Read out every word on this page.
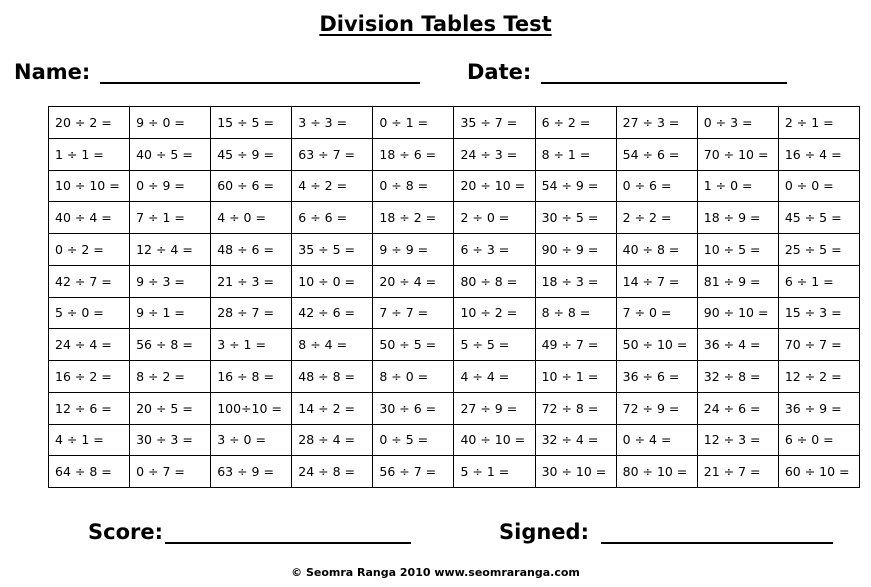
Division Tables Test
Name:	Date:
20 ÷ 2 =	9 ÷ 0 =	15 ÷ 5 =	3 ÷ 3 =	0 ÷ 1 =	35 ÷ 7 =	6 ÷ 2 =	27 ÷ 3 =	0 ÷ 3 =	2 ÷ 1 =
1 ÷ 1 =	40 ÷ 5 =	45 ÷ 9 =	63 ÷ 7 =	18 ÷ 6 =	24 ÷ 3 =	8 ÷ 1 =	54 ÷ 6 =	70 ÷ 10 =	16 ÷ 4 =
10 ÷ 10 =	0 ÷ 9 =	60 ÷ 6 =	4 ÷ 2 =	0 ÷ 8 =	20 ÷ 10 =	54 ÷ 9 =	0 ÷ 6 =	1 ÷ 0 =	0 ÷ 0 =
40 ÷ 4 =	7 ÷ 1 =	4 ÷ 0 =	6 ÷ 6 =	18 ÷ 2 =	2 ÷ 0 =	30 ÷ 5 =	2 ÷ 2 =	18 ÷ 9 =	45 ÷ 5 =
0 ÷ 2 =	12 ÷ 4 =	48 ÷ 6 =	35 ÷ 5 =	9 ÷ 9 =	6 ÷ 3 =	90 ÷ 9 =	40 ÷ 8 =	10 ÷ 5 =	25 ÷ 5 =
42 ÷ 7 =	9 ÷ 3 =	21 ÷ 3 =	10 ÷ 0 =	20 ÷ 4 =	80 ÷ 8 =	18 ÷ 3 =	14 ÷ 7 =	81 ÷ 9 =	6 ÷ 1 =
5 ÷ 0 =	9 ÷ 1 =	28 ÷ 7 =	42 ÷ 6 =	7 ÷ 7 =	10 ÷ 2 =	8 ÷ 8 =	7 ÷ 0 =	90 ÷ 10 =	15 ÷ 3 =
24 ÷ 4 =	56 ÷ 8 =	3 ÷ 1 =	8 ÷ 4 =	50 ÷ 5 =	5 ÷ 5 =	49 ÷ 7 =	50 ÷ 10 =	36 ÷ 4 =	70 ÷ 7 =
16 ÷ 2 =	8 ÷ 2 =	16 ÷ 8 =	48 ÷ 8 =	8 ÷ 0 =	4 ÷ 4 =	10 ÷ 1 =	36 ÷ 6 =	32 ÷ 8 =	12 ÷ 2 =
12 ÷ 6 =	20 ÷ 5 =	100÷10 =	14 ÷ 2 =	30 ÷ 6 =	27 ÷ 9 =	72 ÷ 8 =	72 ÷ 9 =	24 ÷ 6 =	36 ÷ 9 =
4 ÷ 1 =	30 ÷ 3 =	3 ÷ 0 =	28 ÷ 4 =	0 ÷ 5 =	40 ÷ 10 =	32 ÷ 4 =	0 ÷ 4 =	12 ÷ 3 =	6 ÷ 0 =
64 ÷ 8 =	0 ÷ 7 =	63 ÷ 9 =	24 ÷ 8 =	56 ÷ 7 =	5 ÷ 1 =	30 ÷ 10 =	80 ÷ 10 =	21 ÷ 7 =	60 ÷ 10 =
Score:	Signed:
© Seomra Ranga 2010 www.seomraranga.com
